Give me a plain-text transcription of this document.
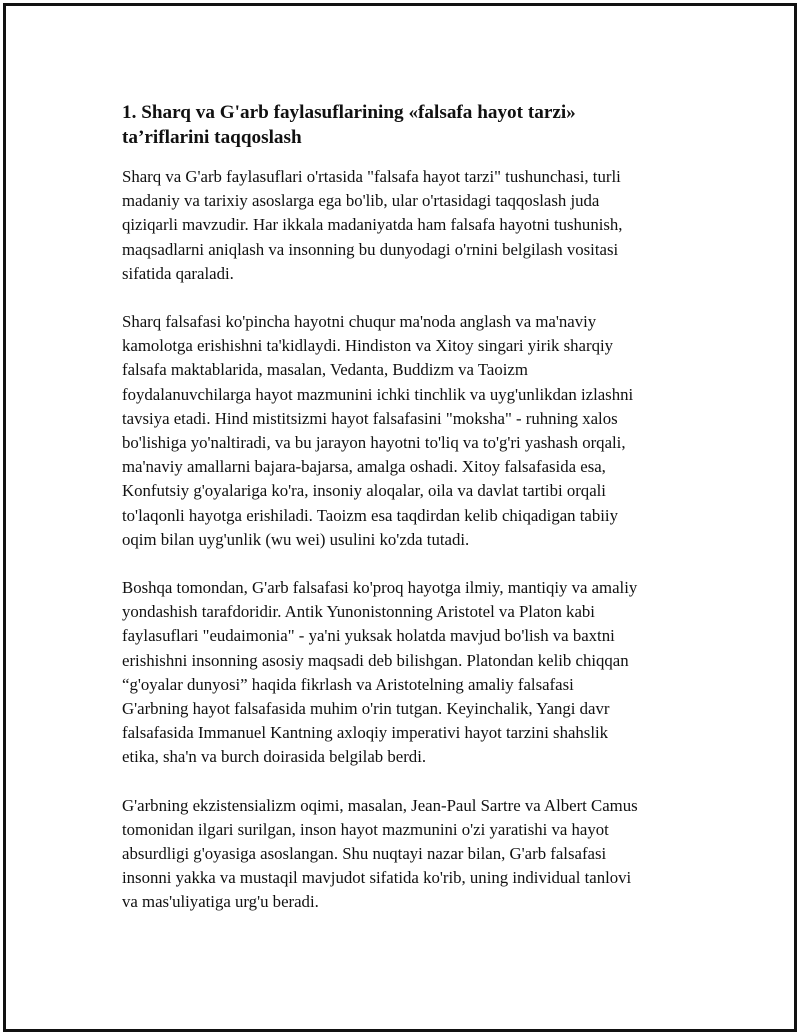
1. Sharq va G'arb faylasuflarining «falsafa hayot tarzi»
ta’riflarini taqqoslash
Sharq va G'arb faylasuflari o'rtasida "falsafa hayot tarzi" tushunchasi, turli
madaniy va tarixiy asoslarga ega bo'lib, ular o'rtasidagi taqqoslash juda
qiziqarli mavzudir. Har ikkala madaniyatda ham falsafa hayotni tushunish,
maqsadlarni aniqlash va insonning bu dunyodagi o'rnini belgilash vositasi
sifatida qaraladi.
Sharq falsafasi ko'pincha hayotni chuqur ma'noda anglash va ma'naviy
kamolotga erishishni ta'kidlaydi. Hindiston va Xitoy singari yirik sharqiy
falsafa maktablarida, masalan, Vedanta, Buddizm va Taoizm
foydalanuvchilarga hayot mazmunini ichki tinchlik va uyg'unlikdan izlashni
tavsiya etadi. Hind mistitsizmi hayot falsafasini "moksha" - ruhning xalos
bo'lishiga yo'naltiradi, va bu jarayon hayotni to'liq va to'g'ri yashash orqali,
ma'naviy amallarni bajara-bajarsa, amalga oshadi. Xitoy falsafasida esa,
Konfutsiy g'oyalariga ko'ra, insoniy aloqalar, oila va davlat tartibi orqali
to'laqonli hayotga erishiladi. Taoizm esa taqdirdan kelib chiqadigan tabiiy
oqim bilan uyg'unlik (wu wei) usulini ko'zda tutadi.
Boshqa tomondan, G'arb falsafasi ko'proq hayotga ilmiy, mantiqiy va amaliy
yondashish tarafdoridir. Antik Yunonistonning Aristotel va Platon kabi
faylasuflari "eudaimonia" - ya'ni yuksak holatda mavjud bo'lish va baxtni
erishishni insonning asosiy maqsadi deb bilishgan. Platondan kelib chiqqan
“g'oyalar dunyosi” haqida fikrlash va Aristotelning amaliy falsafasi
G'arbning hayot falsafasida muhim o'rin tutgan. Keyinchalik, Yangi davr
falsafasida Immanuel Kantning axloqiy imperativi hayot tarzini shahslik
etika, sha'n va burch doirasida belgilab berdi.
G'arbning ekzistensializm oqimi, masalan, Jean-Paul Sartre va Albert Camus
tomonidan ilgari surilgan, inson hayot mazmunini o'zi yaratishi va hayot
absurdligi g'oyasiga asoslangan. Shu nuqtayi nazar bilan, G'arb falsafasi
insonni yakka va mustaqil mavjudot sifatida ko'rib, uning individual tanlovi
va mas'uliyatiga urg'u beradi.
